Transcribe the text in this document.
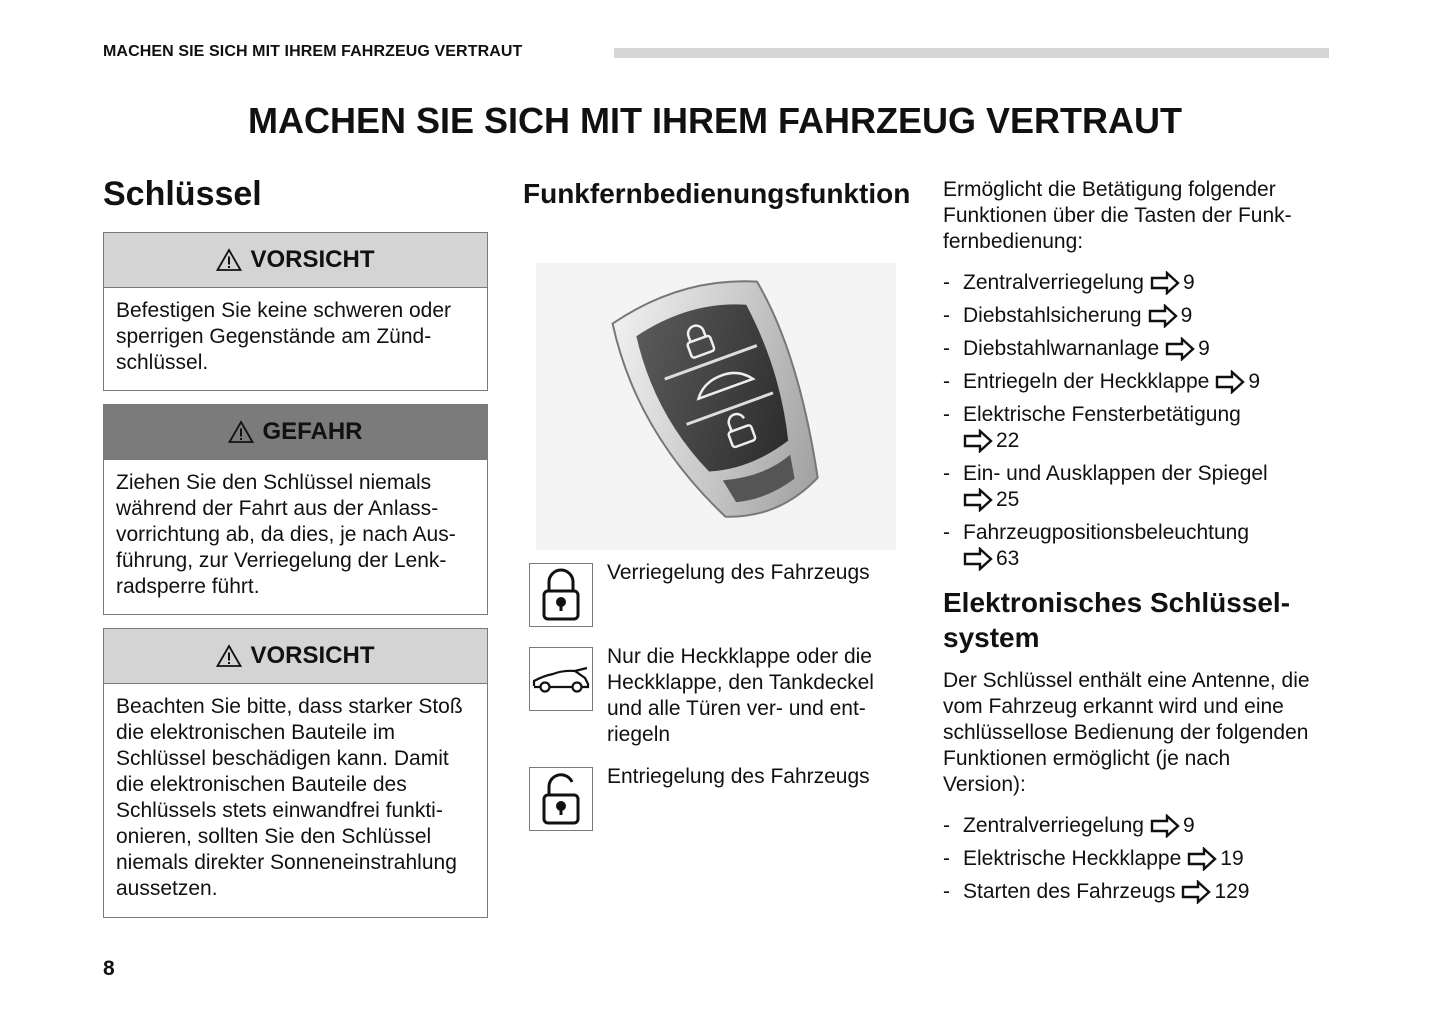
MACHEN SIE SICH MIT IHREM FAHRZEUG VERTRAUT
MACHEN SIE SICH MIT IHREM FAHRZEUG VERTRAUT
Schlüssel
VORSICHT
Befestigen Sie keine schweren oder sperrigen Gegenstände am Zündschlüssel.
GEFAHR
Ziehen Sie den Schlüssel niemals während der Fahrt aus der Anlassvorrichtung ab, da dies, je nach Ausführung, zur Verriegelung der Lenkradsperre führt.
VORSICHT
Beachten Sie bitte, dass starker Stoß die elektronischen Bauteile im Schlüssel beschädigen kann. Damit die elektronischen Bauteile des Schlüssels stets einwandfrei funktionieren, sollten Sie den Schlüssel niemals direkter Sonneneinstrahlung aussetzen.
Funkfernbedienungsfunktion
Verriegelung des Fahrzeugs
Nur die Heckklappe oder die Heckklappe, den Tankdeckel und alle Türen ver- und entriegeln
Entriegelung des Fahrzeugs
Ermöglicht die Betätigung folgender Funktionen über die Tasten der Funkfernbedienung:
- Zentralverriegelung 9
- Diebstahlsicherung 9
- Diebstahlwarnanlage 9
- Entriegeln der Heckklappe 9
- Elektrische Fensterbetätigung
22
- Ein- und Ausklappen der Spiegel
25
- Fahrzeugpositionsbeleuchtung
63
Elektronisches Schlüsselsystem
Der Schlüssel enthält eine Antenne, die vom Fahrzeug erkannt wird und eine schlüssellose Bedienung der folgenden Funktionen ermöglicht (je nach Version):
- Zentralverriegelung 9
- Elektrische Heckklappe 19
- Starten des Fahrzeugs 129
8
